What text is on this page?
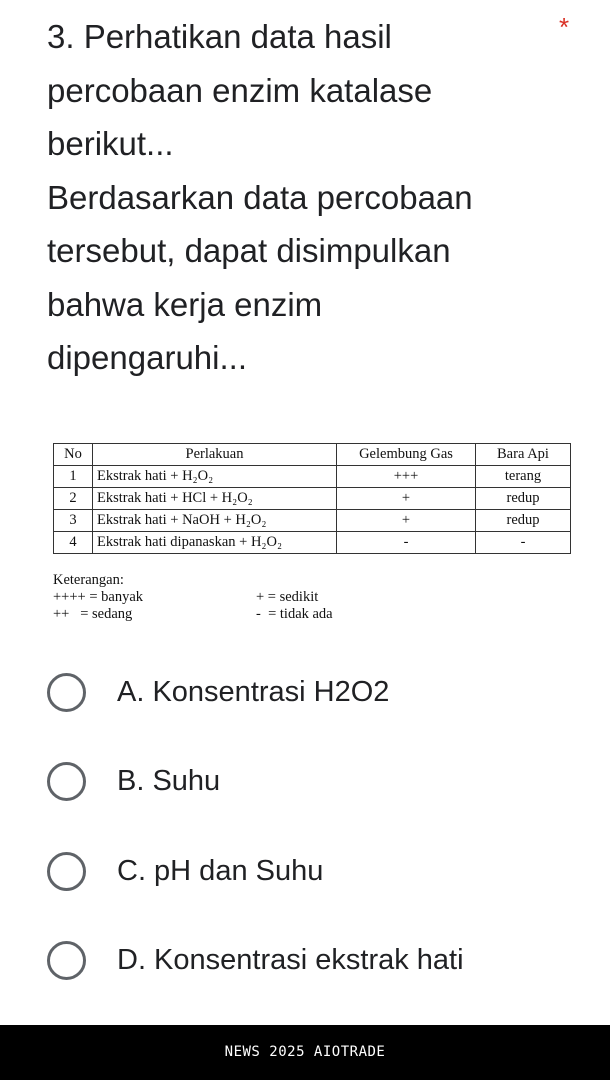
3. Perhatikan data hasil

percobaan enzim katalase

berikut...

Berdasarkan data percobaan

tersebut, dapat disimpulkan

bahwa kerja enzim

dipengaruhi...

*
No	Perlakuan	Gelembung Gas	Bara Api
1	Ekstrak hati + H₂O₂	+++	terang
2	Ekstrak hati + HCl + H₂O₂	+	redup
3	Ekstrak hati + NaOH + H₂O₂	+	redup
4	Ekstrak hati dipanaskan + H₂O₂	-	-
Keterangan:
++++ = banyak	+ = sedikit
++   = sedang	-  = tidak ada
A. Konsentrasi H2O2
B. Suhu
C. pH dan Suhu
D. Konsentrasi ekstrak hati
NEWS 2025 AIOTRADE
